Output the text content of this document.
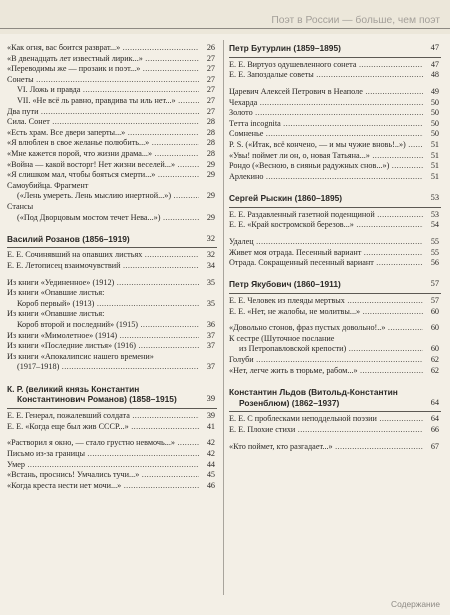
Поэт в России — больше, чем поэт
«Как огня, вас боится разврат...» .....	26
«В двенадцать лет известный лирик...» .....	27
«Переводимы же — прозаик и поэт...» .....	27
Сонеты .....	27
VI. Ложь и правда .....	27
VII. «Не всё ль равно, правдива ты иль нет...» .....	27
Два пути .....	27
Сила. Сонет .....	28
«Есть храм. Все двери заперты...» .....	28
«Я влюблен в свое желанье полюбить...» .....	28
«Мне кажется порой, что жизни драма...» .....	28
«Война — какой восторг! Нет жизни веселей...» .....	29
«Я слишком мал, чтобы бояться смерти...» .....	29
Самоубийца. Фрагмент
(«Лень умереть. Лень мыслию инертной...») .....	29
Стансы
(«Под Дворцовым мостом течет Нева...») .....	29
Василий Розанов (1856–1919)	32
Е. Е. Сочинявший на опавших листьях .....	32
Е. Е. Летописец взаимочувствий .....	34
Из книги «Уединенное» (1912) .....	35
Из книги «Опавшие листья:
Короб первый» (1913) .....	35
Из книги «Опавшие листья:
Короб второй и последний» (1915) .....	36
Из книги «Мимолетное» (1914) .....	37
Из книги «Последние листья» (1916) .....	37
Из книги «Апокалипсис нашего времени»
(1917–1918) .....	37
К. Р. (великий князь Константин
Константинович Романов) (1858–1915)	39
Е. Е. Генерал, пожалевший солдата .....	39
Е. Е. «Когда еще был жив СССР...» .....	41
«Растворил я окно, — стало грустно невмочь...» .....	42
Письмо из-за границы .....	42
Умер .....	44
«Встань, проснись! Умчались тучи...» .....	45
«Когда креста нести нет мочи...» .....	46
Петр Бутурлин (1859–1895)	47
Е. Е. Виртуоз одушевленного сонета .....	47
Е. Е. Запоздалые советы .....	48
Царевич Алексей Петрович в Неаполе .....	49
Чехарда .....	50
Золото .....	50
Тетта incognita .....	50
Сомненье .....	50
P. S. («Итак, всё кончено, — и мы чужие вновь!..») .....	51
«Увы! поймет ли он, о, новая Татьяна...» .....	51
Рондо («Весною, в сияньи радужных снов...») .....	51
Арлекино .....	51
Сергей Рыскин (1860–1895)	53
Е. Е. Раздавленный газетной поденщиной .....	53
Е. Е. «Край костромской березов...» .....	54
Удалец .....	55
Живет моя отрада. Песенный вариант .....	55
Отрада. Сокращенный песенный вариант .....	56
Петр Якубович (1860–1911)	57
Е. Е. Человек из плеяды мертвых .....	57
Е. Е. «Нет, не жалобы, не молитвы...» .....	60
«Довольно стонов, фраз пустых довольно!..» .....	60
К сестре (Шуточное послание
из Петропавловской крепости) .....	60
Голуби .....	62
«Нет, легче жить в тюрьме, рабом...» .....	62
Константин Льдов (Витольд-Константин
Розенблюм) (1862–1937)	64
Е. Е. С проблесками неподдельной поэзии .....	64
Е. Е. Плохие стихи .....	66
«Кто поймет, кто разгадает...» .....	67
Содержание
